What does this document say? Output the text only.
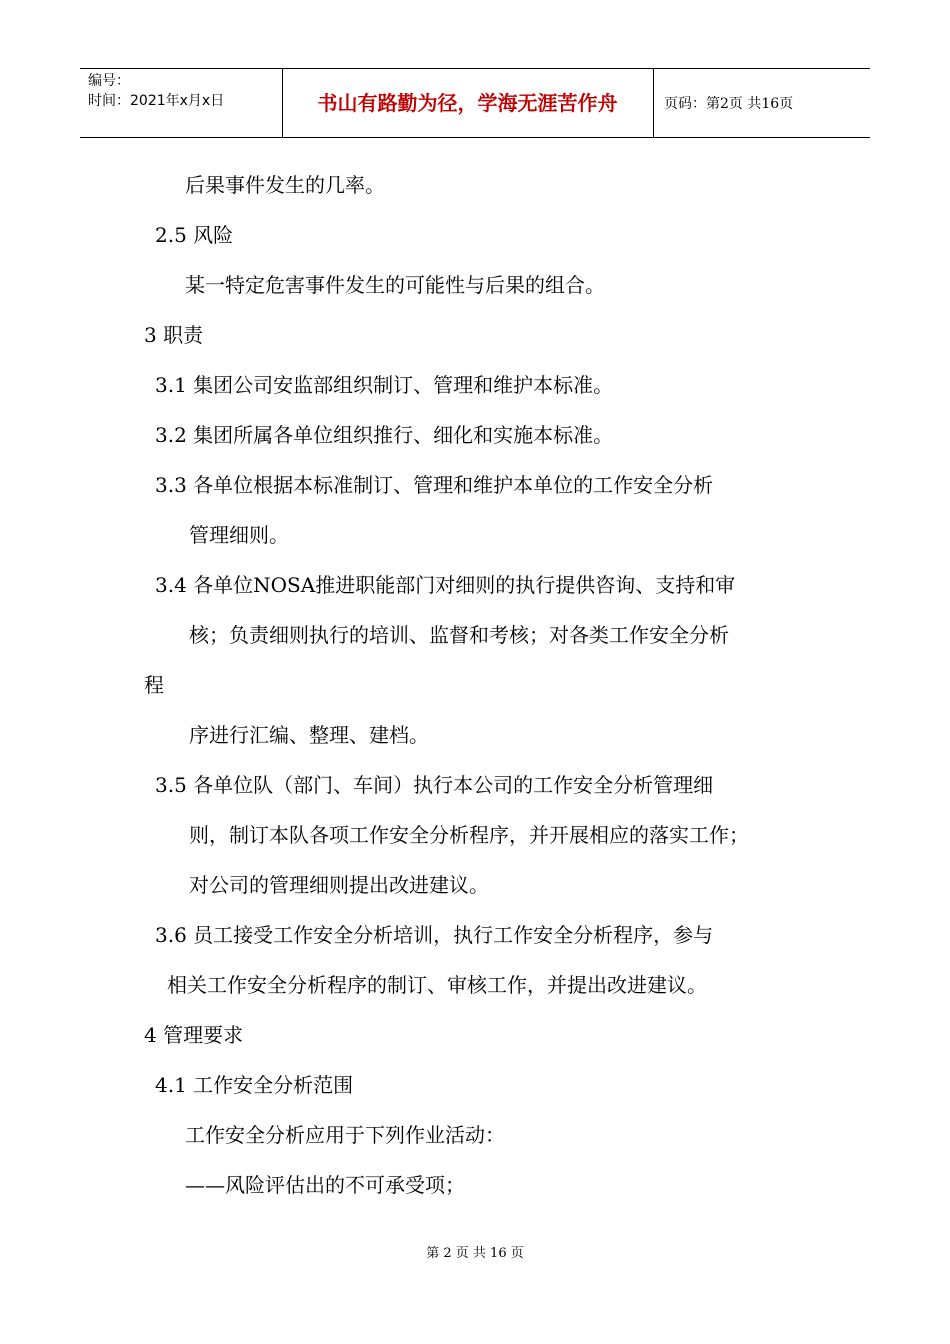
编号：
时间：2021年x月x日	书山有路勤为径，学海无涯苦作舟	页码：第2页 共16页
后果事件发生的几率。
2.5 风险
某一特定危害事件发生的可能性与后果的组合。
3 职责
3.1 集团公司安监部组织制订、管理和维护本标准。
3.2 集团所属各单位组织推行、细化和实施本标准。
3.3 各单位根据本标准制订、管理和维护本单位的工作安全分析
管理细则。
3.4 各单位NOSA推进职能部门对细则的执行提供咨询、支持和审
核；负责细则执行的培训、监督和考核；对各类工作安全分析
程
序进行汇编、整理、建档。
3.5 各单位队（部门、车间）执行本公司的工作安全分析管理细
则，制订本队各项工作安全分析程序，并开展相应的落实工作；
对公司的管理细则提出改进建议。
3.6 员工接受工作安全分析培训，执行工作安全分析程序，参与
相关工作安全分析程序的制订、审核工作，并提出改进建议。
4 管理要求
4.1 工作安全分析范围
工作安全分析应用于下列作业活动：
——风险评估出的不可承受项；
第 2 页 共 16 页
